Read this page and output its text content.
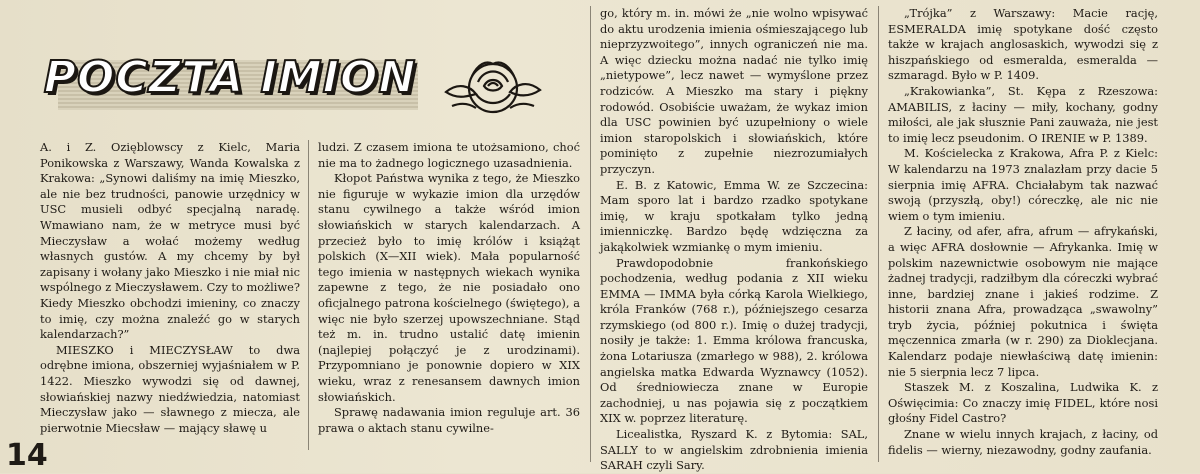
POCZTA IMION

A. i Z. Ozięblowscy z Kielc, Maria Ponikowska z Warszawy, Wanda Kowalska z Krakowa: „Synowi daliśmy na imię Mieszko, ale nie bez trudności, panowie urzędnicy w USC musieli odbyć specjalną naradę. Wmawiano nam, że w metryce musi być Mieczysław a wołać możemy według własnych gustów. A my chcemy by był zapisany i wołany jako Mieszko i nie miał nic wspólnego z Mieczysławem. Czy to możliwe? Kiedy Mieszko obchodzi imieniny, co znaczy to imię, czy można znaleźć go w starych kalendarzach?”

MIESZKO i MIECZYSŁAW to dwa odrębne imiona, obszerniej wyjaśniałem w P. 1422. Mieszko wywodzi się od dawnej, słowiańskiej nazwy niedźwiedzia, natomiast Mieczysław jako — sławnego z miecza, ale pierwotnie Miecsław — mający sławę u

ludzi. Z czasem imiona te utożsamiono, choć nie ma to żadnego logicznego uzasadnienia.

Kłopot Państwa wynika z tego, że Mieszko nie figuruje w wykazie imion dla urzędów stanu cywilnego a także wśród imion słowiańskich w starych kalendarzach. A przecież było to imię królów i książąt polskich (X—XII wiek). Mała popularność tego imienia w następnych wiekach wynika zapewne z tego, że nie posiadało ono oficjalnego patrona kościelnego (świętego), a więc nie było szerzej upowszechniane. Stąd też m. in. trudno ustalić datę imienin (najlepiej połączyć je z urodzinami). Przypomniano je ponownie dopiero w XIX wieku, wraz z renesansem dawnych imion słowiańskich.

Sprawę nadawania imion reguluje art. 36 prawa o aktach stanu cywilne-

go, który m. in. mówi że „nie wolno wpisywać do aktu urodzenia imienia ośmieszającego lub nieprzyzwoitego”, innych ograniczeń nie ma. A więc dziecku można nadać nie tylko imię „nietypowe”, lecz nawet — wymyślone przez rodziców. A Mieszko ma stary i piękny rodowód. Osobiście uważam, że wykaz imion dla USC powinien być uzupełniony o wiele imion staropolskich i słowiańskich, które pominięto z zupełnie niezrozumiałych przyczyn.

E. B. z Katowic, Emma W. ze Szczecina: Mam sporo lat i bardzo rzadko spotykane imię, w kraju spotkałam tylko jedną imienniczkę. Bardzo będę wdzięczna za jakąkolwiek wzmiankę o mym imieniu.

Prawdopodobnie frankońskiego pochodzenia, według podania z XII wieku EMMA — IMMA była córką Karola Wielkiego, króla Franków (768 r.), późniejszego cesarza rzymskiego (od 800 r.). Imię o dużej tradycji, nosiły je także: 1. Emma królowa francuska, żona Lotariusza (zmarłego w 988), 2. królowa angielska matka Edwarda Wyznawcy (1052). Od średniowiecza znane w Europie zachodniej, u nas pojawia się z początkiem XIX w. poprzez literaturę.

Licealistka, Ryszard K. z Bytomia: SAL, SALLY to w angielskim zdrobnienia imienia SARAH czyli Sary.

„Trójka” z Warszawy: Macie rację, ESMERALDA imię spotykane dość często także w krajach anglosaskich, wywodzi się z hiszpańskiego od esmeralda, esmeralda — szmaragd. Było w P. 1409.

„Krakowianka”, St. Kępa z Rzeszowa: AMABILIS, z łaciny — miły, kochany, godny miłości, ale jak słusznie Pani zauważa, nie jest to imię lecz pseudonim. O IRENIE w P. 1389.

M. Kościelecka z Krakowa, Afra P. z Kielc: W kalendarzu na 1973 znalazłam przy dacie 5 sierpnia imię AFRA. Chciałabym tak nazwać swoją (przyszłą, oby!) córeczkę, ale nic nie wiem o tym imieniu.

Z łaciny, od afer, afra, afrum — afrykański, a więc AFRA dosłownie — Afrykanka. Imię w polskim nazewnictwie osobowym nie mające żadnej tradycji, radziłbym dla córeczki wybrać inne, bardziej znane i jakieś rodzime. Z historii znana Afra, prowadząca „swawolny” tryb życia, później pokutnica i święta męczennica zmarła (w r. 290) za Dioklecjana. Kalendarz podaje niewłaściwą datę imienin: nie 5 sierpnia lecz 7 lipca.

Staszek M. z Koszalina, Ludwika K. z Oświęcimia: Co znaczy imię FIDEL, które nosi głośny Fidel Castro?

Znane w wielu innych krajach, z łaciny, od fidelis — wierny, niezawodny, godny zaufania.

14
